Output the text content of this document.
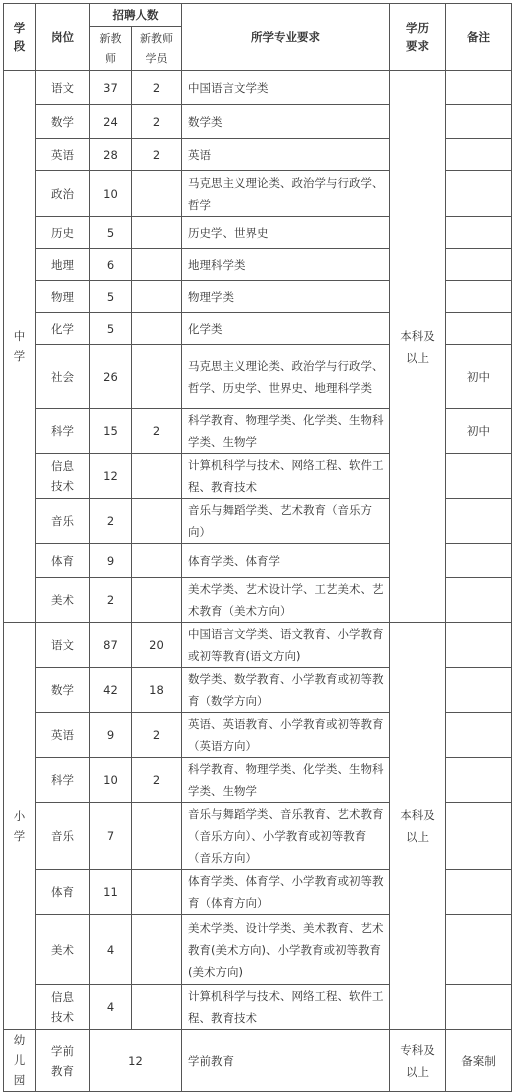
学段	岗位	招聘人数		所学专业要求	学历要求	备注

		新教师	新教师学员			

中学	语文	37	2	中国语言文学类	本科及以上	

	数学	24	2	数学类		

	英语	28	2	英语		

	政治	10		马克思主义理论类、政治学与行政学、哲学		

	历史	5		历史学、世界史		

	地理	6		地理科学类		

	物理	5		物理学类		

	化学	5		化学类		

	社会	26		马克思主义理论类、政治学与行政学、哲学、历史学、世界史、地理科学类		初中

	科学	15	2	科学教育、物理学类、化学类、生物科学类、生物学		初中

	信息技术	12		计算机科学与技术、网络工程、软件工程、教育技术		

	音乐	2		音乐与舞蹈学类、艺术教育（音乐方向）		

	体育	9		体育学类、体育学		

	美术	2		美术学类、艺术设计学、工艺美术、艺术教育（美术方向）		
小学	语文	87	20	中国语言文学类、语文教育、小学教育或初等教育(语文方向)	本科及以上	

	数学	42	18	数学类、数学教育、小学教育或初等教育（数学方向）		

	英语	9	2	英语、英语教育、小学教育或初等教育（英语方向）		

	科学	10	2	科学教育、物理学类、化学类、生物科学类、生物学		

	音乐	7		音乐与舞蹈学类、音乐教育、艺术教育（音乐方向）、小学教育或初等教育（音乐方向）		

	体育	11		体育学类、体育学、小学教育或初等教育（体育方向）		

	美术	4		美术学类、设计学类、美术教育、艺术教育(美术方向)、小学教育或初等教育(美术方向)		

	信息技术	4		计算机科学与技术、网络工程、软件工程、教育技术		
幼儿园	学前教育	12		学前教育	专科及以上	备案制
